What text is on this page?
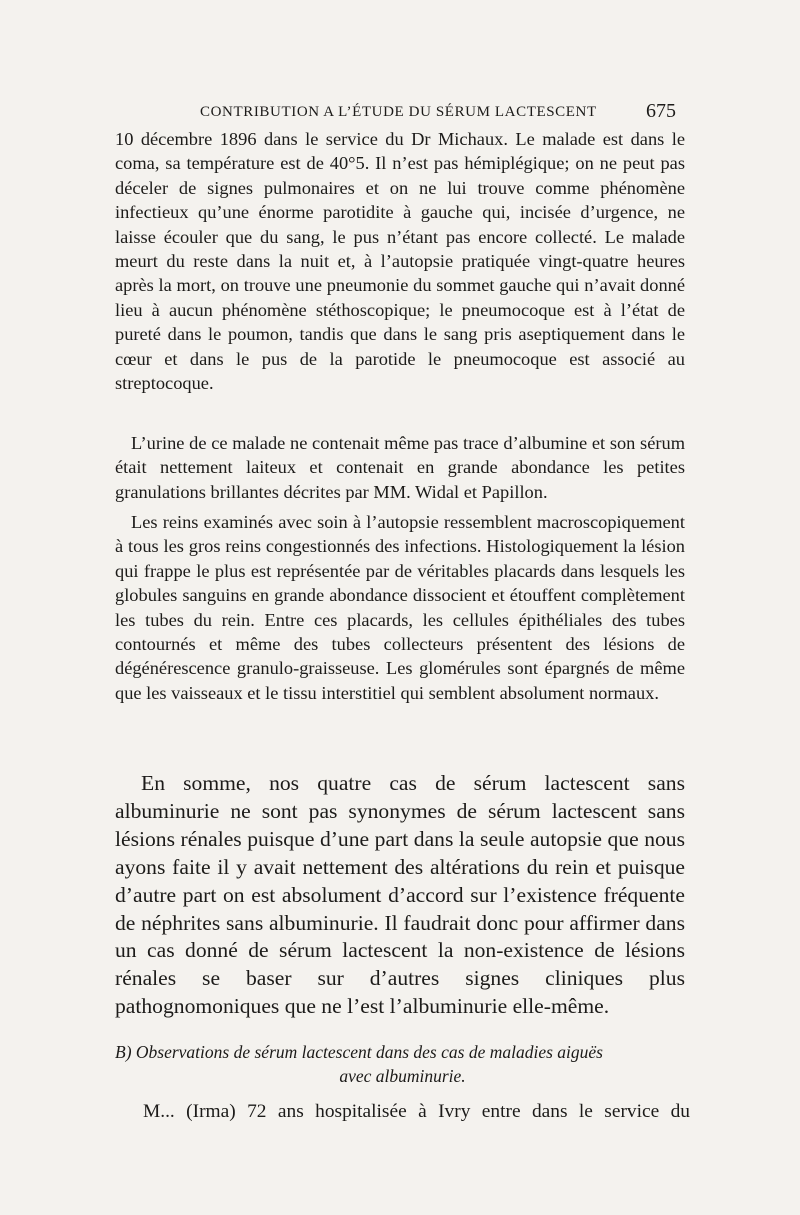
CONTRIBUTION A L’ÉTUDE DU SÉRUM LACTESCENT 675

10 décembre 1896 dans le service du Dr Michaux. Le malade est dans le coma, sa température est de 40°5. Il n’est pas hémiplégique; on ne peut pas déceler de signes pulmonaires et on ne lui trouve comme phénomène infectieux qu’une énorme parotidite à gauche qui, incisée d’urgence, ne laisse écouler que du sang, le pus n’étant pas encore collecté. Le malade meurt du reste dans la nuit et, à l’autopsie pratiquée vingt-quatre heures après la mort, on trouve une pneumonie du sommet gauche qui n’avait donné lieu à aucun phénomène stéthoscopique; le pneumocoque est à l’état de pureté dans le poumon, tandis que dans le sang pris aseptiquement dans le cœur et dans le pus de la parotide le pneumocoque est associé au streptocoque.

L’urine de ce malade ne contenait même pas trace d’albumine et son sérum était nettement laiteux et contenait en grande abondance les petites granulations brillantes décrites par MM. Widal et Papillon.

Les reins examinés avec soin à l’autopsie ressemblent macroscopiquement à tous les gros reins congestionnés des infections. Histologiquement la lésion qui frappe le plus est représentée par de véritables placards dans lesquels les globules sanguins en grande abondance dissocient et étouffent complètement les tubes du rein. Entre ces placards, les cellules épithéliales des tubes contournés et même des tubes collecteurs présentent des lésions de dégénérescence granulo-graisseuse. Les glomérules sont épargnés de même que les vaisseaux et le tissu interstitiel qui semblent absolument normaux.

En somme, nos quatre cas de sérum lactescent sans albuminurie ne sont pas synonymes de sérum lactescent sans lésions rénales puisque d’une part dans la seule autopsie que nous ayons faite il y avait nettement des altérations du rein et puisque d’autre part on est absolument d’accord sur l’existence fréquente de néphrites sans albuminurie. Il faudrait donc pour affirmer dans un cas donné de sérum lactescent la non-existence de lésions rénales se baser sur d’autres signes cliniques plus pathognomoniques que ne l’est l’albuminurie elle-même.

B) Observations de sérum lactescent dans des cas de maladies aiguës
avec albuminurie.
M... (Irma) 72 ans hospitalisée à Ivry entre dans le service du
